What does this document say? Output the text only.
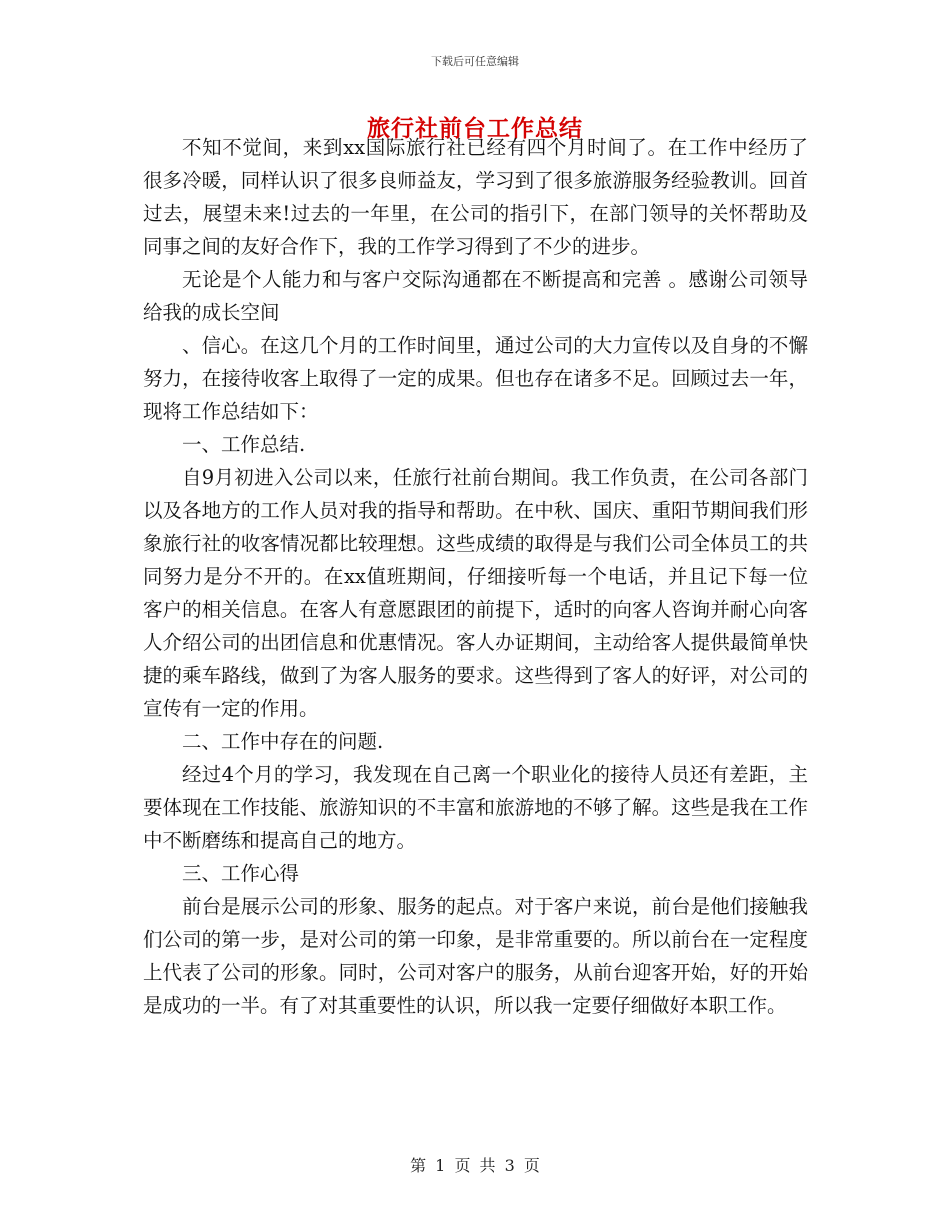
下载后可任意编辑
旅行社前台工作总结

不知不觉间，来到xx国际旅行社已经有四个月时间了。在工作中经历了很多冷暖，同样认识了很多良师益友，学习到了很多旅游服务经验教训。回首过去，展望未来!过去的一年里，在公司的指引下，在部门领导的关怀帮助及同事之间的友好合作下，我的工作学习得到了不少的进步。

无论是个人能力和与客户交际沟通都在不断提高和完善 。感谢公司领导给我的成长空间

、信心。在这几个月的工作时间里，通过公司的大力宣传以及自身的不懈努力，在接待收客上取得了一定的成果。但也存在诸多不足。回顾过去一年，现将工作总结如下：

一、工作总结.

自9月初进入公司以来，任旅行社前台期间。我工作负责，在公司各部门以及各地方的工作人员对我的指导和帮助。在中秋、国庆、重阳节期间我们形象旅行社的收客情况都比较理想。这些成绩的取得是与我们公司全体员工的共同努力是分不开的。在xx值班期间，仔细接听每一个电话，并且记下每一位客户的相关信息。在客人有意愿跟团的前提下，适时的向客人咨询并耐心向客人介绍公司的出团信息和优惠情况。客人办证期间，主动给客人提供最简单快捷的乘车路线，做到了为客人服务的要求。这些得到了客人的好评，对公司的宣传有一定的作用。

二、工作中存在的问题.

经过4个月的学习，我发现在自己离一个职业化的接待人员还有差距，主要体现在工作技能、旅游知识的不丰富和旅游地的不够了解。这些是我在工作中不断磨练和提高自己的地方。

三、工作心得

前台是展示公司的形象、服务的起点。对于客户来说，前台是他们接触我们公司的第一步，是对公司的第一印象，是非常重要的。所以前台在一定程度上代表了公司的形象。同时，公司对客户的服务，从前台迎客开始，好的开始是成功的一半。有了对其重要性的认识，所以我一定要仔细做好本职工作。

第 1 页 共 3 页
